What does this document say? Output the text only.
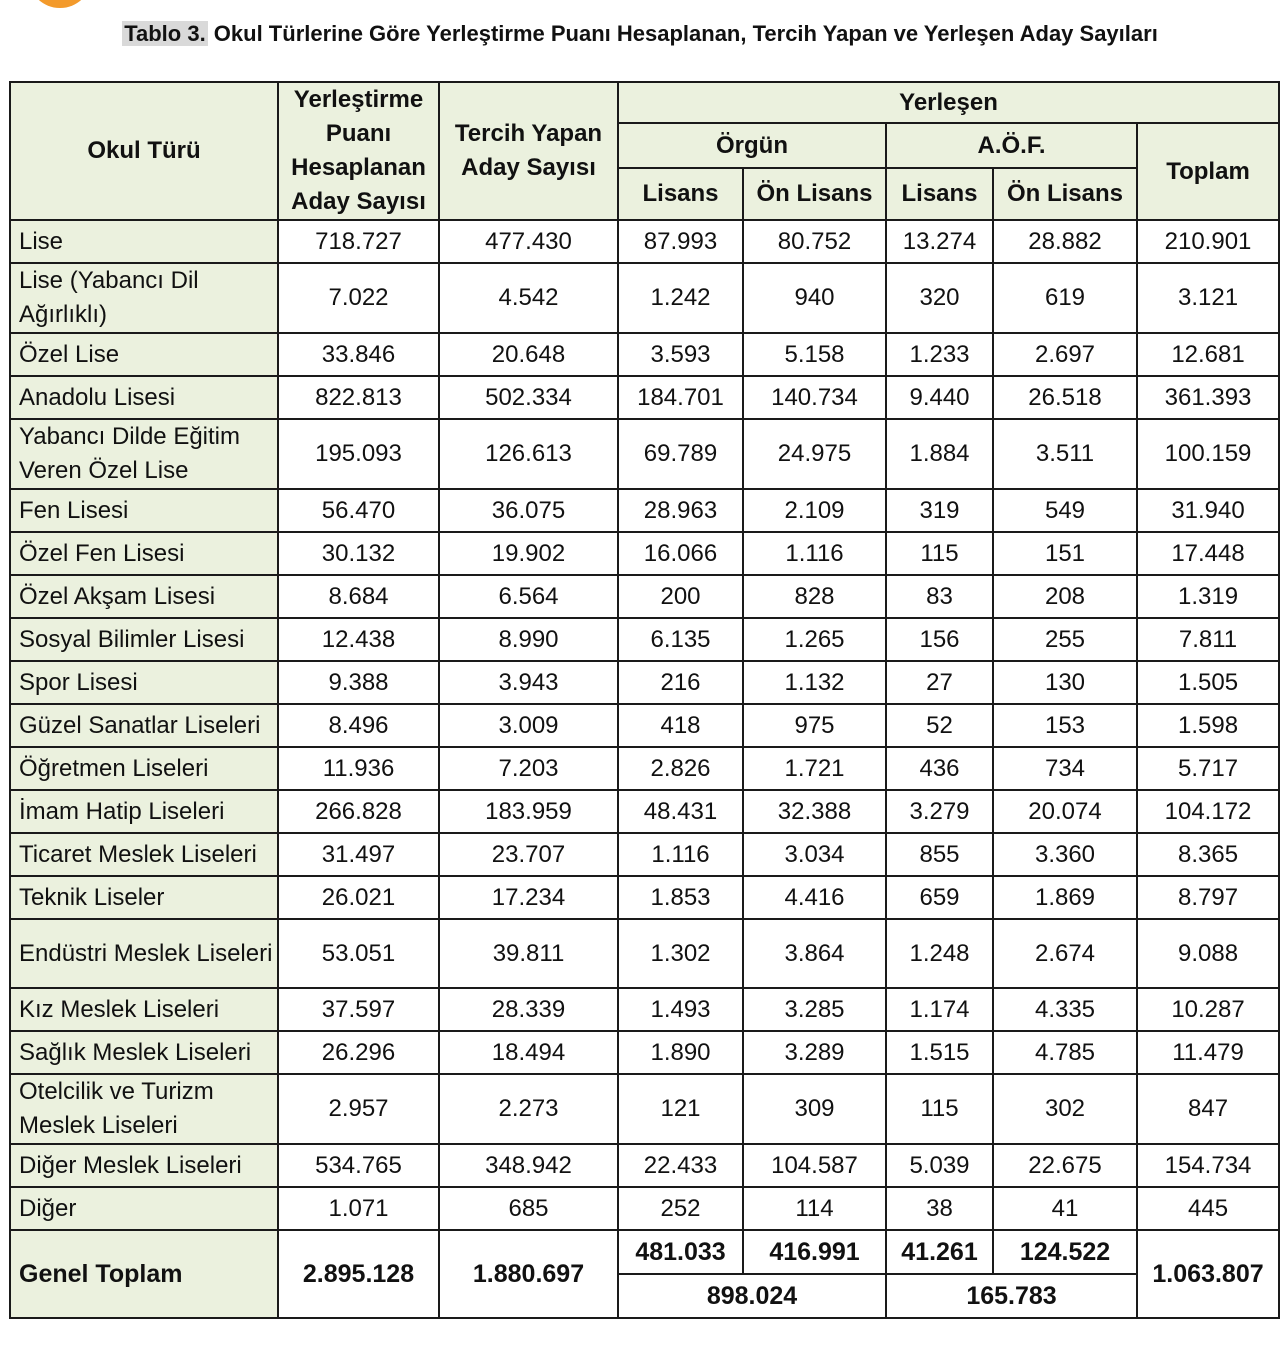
Tablo 3. Okul Türlerine Göre Yerleştirme Puanı Hesaplanan, Tercih Yapan ve Yerleşen Aday Sayıları
Okul Türü	Yerleştirme Puanı Hesaplanan Aday Sayısı	Tercih Yapan Aday Sayısı	Yerleşen				
			Örgün		A.Ö.F.		Toplam
			Lisans	Ön Lisans	Lisans	Ön Lisans	
Lise	718.727	477.430	87.993	80.752	13.274	28.882	210.901
Lise (Yabancı Dil Ağırlıklı)	7.022	4.542	1.242	940	320	619	3.121
Özel Lise	33.846	20.648	3.593	5.158	1.233	2.697	12.681
Anadolu Lisesi	822.813	502.334	184.701	140.734	9.440	26.518	361.393
Yabancı Dilde Eğitim Veren Özel Lise	195.093	126.613	69.789	24.975	1.884	3.511	100.159
Fen Lisesi	56.470	36.075	28.963	2.109	319	549	31.940
Özel Fen Lisesi	30.132	19.902	16.066	1.116	115	151	17.448
Özel Akşam Lisesi	8.684	6.564	200	828	83	208	1.319
Sosyal Bilimler Lisesi	12.438	8.990	6.135	1.265	156	255	7.811
Spor Lisesi	9.388	3.943	216	1.132	27	130	1.505
Güzel Sanatlar Liseleri	8.496	3.009	418	975	52	153	1.598
Öğretmen Liseleri	11.936	7.203	2.826	1.721	436	734	5.717
İmam Hatip Liseleri	266.828	183.959	48.431	32.388	3.279	20.074	104.172
Ticaret Meslek Liseleri	31.497	23.707	1.116	3.034	855	3.360	8.365
Teknik Liseler	26.021	17.234	1.853	4.416	659	1.869	8.797
Endüstri Meslek Liseleri	53.051	39.811	1.302	3.864	1.248	2.674	9.088
Kız Meslek Liseleri	37.597	28.339	1.493	3.285	1.174	4.335	10.287
Sağlık Meslek Liseleri	26.296	18.494	1.890	3.289	1.515	4.785	11.479
Otelcilik ve Turizm Meslek Liseleri	2.957	2.273	121	309	115	302	847
Diğer Meslek Liseleri	534.765	348.942	22.433	104.587	5.039	22.675	154.734
Diğer	1.071	685	252	114	38	41	445
Genel Toplam	2.895.128	1.880.697	481.033	416.991	41.261	124.522	1.063.807
			898.024		165.783		
